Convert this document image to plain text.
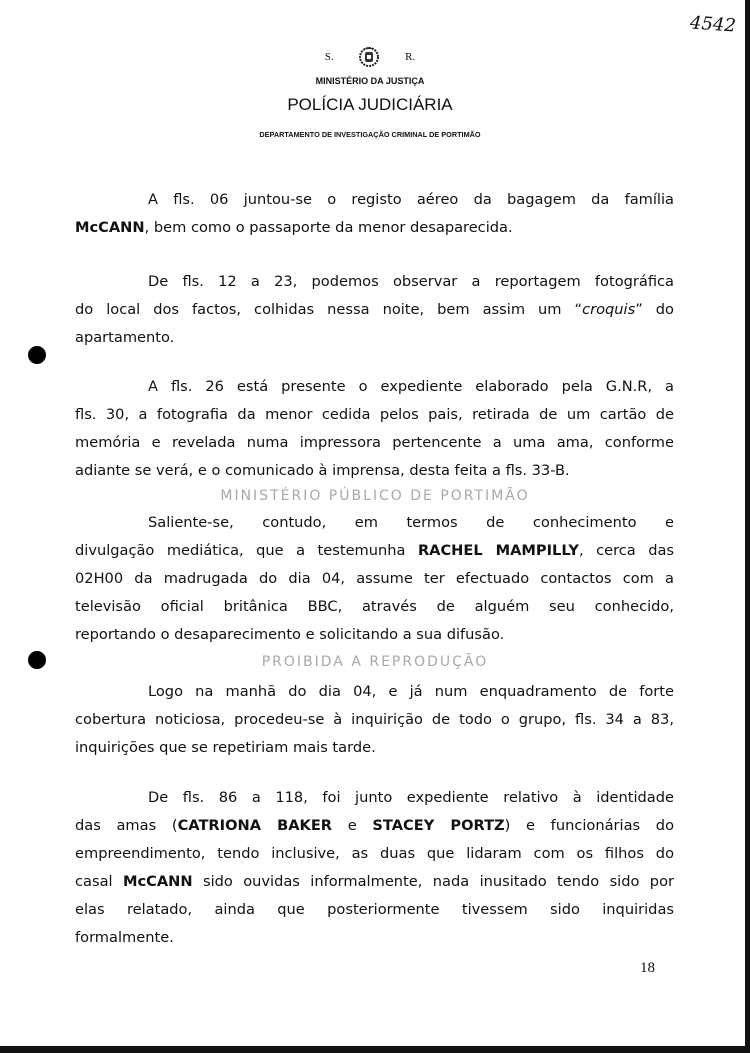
4542
S.	R.
MINISTÉRIO DA JUSTIÇA
POLÍCIA JUDICIÁRIA
DEPARTAMENTO DE INVESTIGAÇÃO CRIMINAL DE PORTIMÃO
MINISTÉRIO PÚBLICO DE PORTIMÃO
PROIBIDA A REPRODUÇÃO
A fls. 06 juntou-se o registo aéreo da bagagem da família
McCANN, bem como o passaporte da menor desaparecida.
De fls. 12 a 23, podemos observar a reportagem fotográfica
do local dos factos, colhidas nessa noite, bem assim um “croquis” do
apartamento.
A fls. 26 está presente o expediente elaborado pela G.N.R, a
fls. 30, a fotografia da menor cedida pelos pais, retirada de um cartão de
memória e revelada numa impressora pertencente a uma ama, conforme
adiante se verá, e o comunicado à imprensa, desta feita a fls. 33-B.
Saliente-se, contudo, em termos de conhecimento e
divulgação mediática, que a testemunha RACHEL MAMPILLY, cerca das
02H00 da madrugada do dia 04, assume ter efectuado contactos com a
televisão oficial britânica BBC, através de alguém seu conhecido,
reportando o desaparecimento e solicitando a sua difusão.
Logo na manhã do dia 04, e já num enquadramento de forte
cobertura noticiosa, procedeu-se à inquirição de todo o grupo, fls. 34 a 83,
inquirições que se repetiriam mais tarde.
De fls. 86 a 118, foi junto expediente relativo à identidade
das amas (CATRIONA BAKER e STACEY PORTZ) e funcionárias do
empreendimento, tendo inclusive, as duas que lidaram com os filhos do
casal McCANN sido ouvidas informalmente, nada inusitado tendo sido por
elas relatado, ainda que posteriormente tivessem sido inquiridas
formalmente.
18
